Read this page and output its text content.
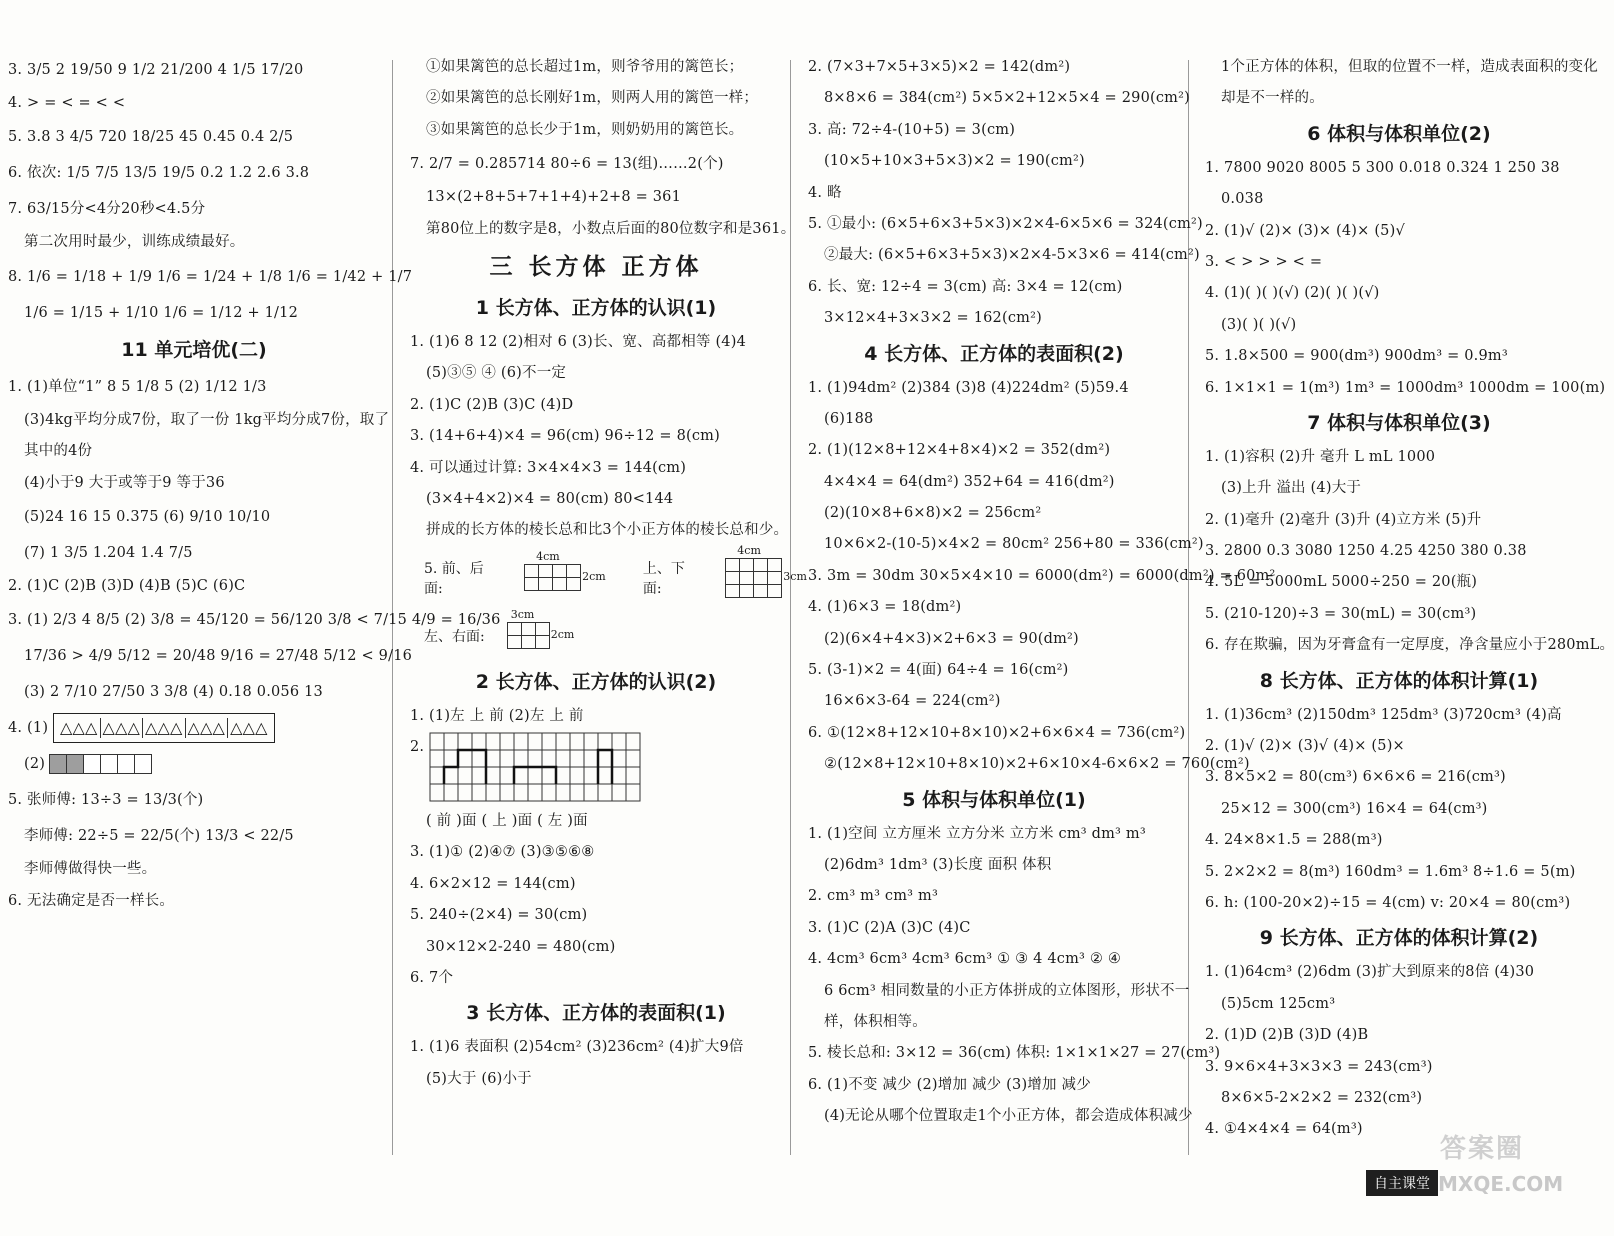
3. 3/5 2 19/50 9 1/2 21/200 4 1/5 17/20
4. > = < = < <
5. 3.8 3 4/5 720 18/25 45 0.45 0.4 2/5
6. 依次: 1/5 7/5 13/5 19/5 0.2 1.2 2.6 3.8
7. 63/15分<4分20秒<4.5分
第二次用时最少，训练成绩最好。
8. 1/6 = 1/18 + 1/9 1/6 = 1/24 + 1/8 1/6 = 1/42 + 1/7
1/6 = 1/15 + 1/10 1/6 = 1/12 + 1/12
11 单元培优(二)
1. (1)单位“1” 8 5 1/8 5 (2) 1/12 1/3
(3)4kg平均分成7份，取了一份 1kg平均分成7份，取了
其中的4份
(4)小于9 大于或等于9 等于36
(5)24 16 15 0.375 (6) 9/10 10/10
(7) 1 3/5 1.204 1.4 7/5
2. (1)C (2)B (3)D (4)B (5)C (6)C
3. (1) 2/3 4 8/5 (2) 3/8 = 45/120 = 56/120 3/8 < 7/15 4/9 = 16/36
17/36 > 4/9 5/12 = 20/48 9/16 = 27/48 5/12 < 9/16
(3) 2 7/10 27/50 3 3/8 (4) 0.18 0.056 13
4. (1) △△△ △△△ △△△ △△△ △△△
(2)
5. 张师傅: 13÷3 = 13/3(个)
李师傅: 22÷5 = 22/5(个) 13/3 < 22/5
李师傅做得快一些。
6. 无法确定是否一样长。
①如果篱笆的总长超过1m，则爷爷用的篱笆长；
②如果篱笆的总长刚好1m，则两人用的篱笆一样；
③如果篱笆的总长少于1m，则奶奶用的篱笆长。
7. 2/7 = 0.285714 80÷6 = 13(组)……2(个)
13×(2+8+5+7+1+4)+2+8 = 361
第80位上的数字是8，小数点后面的80位数字和是361。
三 长方体 正方体
1 长方体、正方体的认识(1)
1. (1)6 8 12 (2)相对 6 (3)长、宽、高都相等 (4)4
(5)③⑤ ④ (6)不一定
2. (1)C (2)B (3)C (4)D
3. (14+6+4)×4 = 96(cm) 96÷12 = 8(cm)
4. 可以通过计算: 3×4×4×3 = 144(cm)
(3×4+4×2)×4 = 80(cm) 80<144
拼成的长方体的棱长总和比3个小正方体的棱长总和少。
5. 前、后面:
4cm

2cm	上、下面:
4cm

3cm
左、右面:
3cm

2cm
2 长方体、正方体的认识(2)
1. (1)左 上 前 (2)左 上 前
2.
( 前 )面 ( 上 )面 ( 左 )面
3. (1)① (2)④⑦ (3)③⑤⑥⑧
4. 6×2×12 = 144(cm)
5. 240÷(2×4) = 30(cm)
30×12×2-240 = 480(cm)
6. 7个
3 长方体、正方体的表面积(1)
1. (1)6 表面积 (2)54cm² (3)236cm² (4)扩大9倍
(5)大于 (6)小于
2. (7×3+7×5+3×5)×2 = 142(dm²)
8×8×6 = 384(cm²) 5×5×2+12×5×4 = 290(cm²)
3. 高: 72÷4-(10+5) = 3(cm)
(10×5+10×3+5×3)×2 = 190(cm²)
4. 略
5. ①最小: (6×5+6×3+5×3)×2×4-6×5×6 = 324(cm²)
②最大: (6×5+6×3+5×3)×2×4-5×3×6 = 414(cm²)
6. 长、宽: 12÷4 = 3(cm) 高: 3×4 = 12(cm)
3×12×4+3×3×2 = 162(cm²)
4 长方体、正方体的表面积(2)
1. (1)94dm² (2)384 (3)8 (4)224dm² (5)59.4
(6)188
2. (1)(12×8+12×4+8×4)×2 = 352(dm²)
4×4×4 = 64(dm²) 352+64 = 416(dm²)
(2)(10×8+6×8)×2 = 256cm²
10×6×2-(10-5)×4×2 = 80cm² 256+80 = 336(cm²)
3. 3m = 30dm 30×5×4×10 = 6000(dm²) = 6000(dm²) = 60m²
4. (1)6×3 = 18(dm²)
(2)(6×4+4×3)×2+6×3 = 90(dm²)
5. (3-1)×2 = 4(面) 64÷4 = 16(cm²)
16×6×3-64 = 224(cm²)
6. ①(12×8+12×10+8×10)×2+6×6×4 = 736(cm²)
②(12×8+12×10+8×10)×2+6×10×4-6×6×2 = 760(cm²)
5 体积与体积单位(1)
1. (1)空间 立方厘米 立方分米 立方米 cm³ dm³ m³
(2)6dm³ 1dm³ (3)长度 面积 体积
2. cm³ m³ cm³ m³
3. (1)C (2)A (3)C (4)C
4. 4cm³ 6cm³ 4cm³ 6cm³ ① ③ 4 4cm³ ② ④
6 6cm³ 相同数量的小正方体拼成的立体图形，形状不一
样，体积相等。
5. 棱长总和: 3×12 = 36(cm) 体积: 1×1×1×27 = 27(cm³)
6. (1)不变 减少 (2)增加 减少 (3)增加 减少
(4)无论从哪个位置取走1个小正方体，都会造成体积减少
1个正方体的体积，但取的位置不一样，造成表面积的变化
却是不一样的。
6 体积与体积单位(2)
1. 7800 9020 8005 5 300 0.018 0.324 1 250 38
0.038
2. (1)√ (2)× (3)× (4)× (5)√
3. < > > > < =
4. (1)( )( )(√) (2)( )( )(√)
(3)( )( )(√)
5. 1.8×500 = 900(dm³) 900dm³ = 0.9m³
6. 1×1×1 = 1(m³) 1m³ = 1000dm³ 1000dm = 100(m)
7 体积与体积单位(3)
1. (1)容积 (2)升 毫升 L mL 1000
(3)上升 溢出 (4)大于
2. (1)毫升 (2)毫升 (3)升 (4)立方米 (5)升
3. 2800 0.3 3080 1250 4.25 4250 380 0.38
4. 5L = 5000mL 5000÷250 = 20(瓶)
5. (210-120)÷3 = 30(mL) = 30(cm³)
6. 存在欺骗，因为牙膏盒有一定厚度，净含量应小于280mL。
8 长方体、正方体的体积计算(1)
1. (1)36cm³ (2)150dm³ 125dm³ (3)720cm³ (4)高
2. (1)√ (2)× (3)√ (4)× (5)×
3. 8×5×2 = 80(cm³) 6×6×6 = 216(cm³)
25×12 = 300(cm³) 16×4 = 64(cm³)
4. 24×8×1.5 = 288(m³)
5. 2×2×2 = 8(m³) 160dm³ = 1.6m³ 8÷1.6 = 5(m)
6. h: (100-20×2)÷15 = 4(cm) v: 20×4 = 80(cm³)
9 长方体、正方体的体积计算(2)
1. (1)64cm³ (2)6dm (3)扩大到原来的8倍 (4)30
(5)5cm 125cm³
2. (1)D (2)B (3)D (4)B
3. 9×6×4+3×3×3 = 243(cm³)
8×6×5-2×2×2 = 232(cm³)
4. ①4×4×4 = 64(m³)
自主课堂
答案圈
MXQE.COM
